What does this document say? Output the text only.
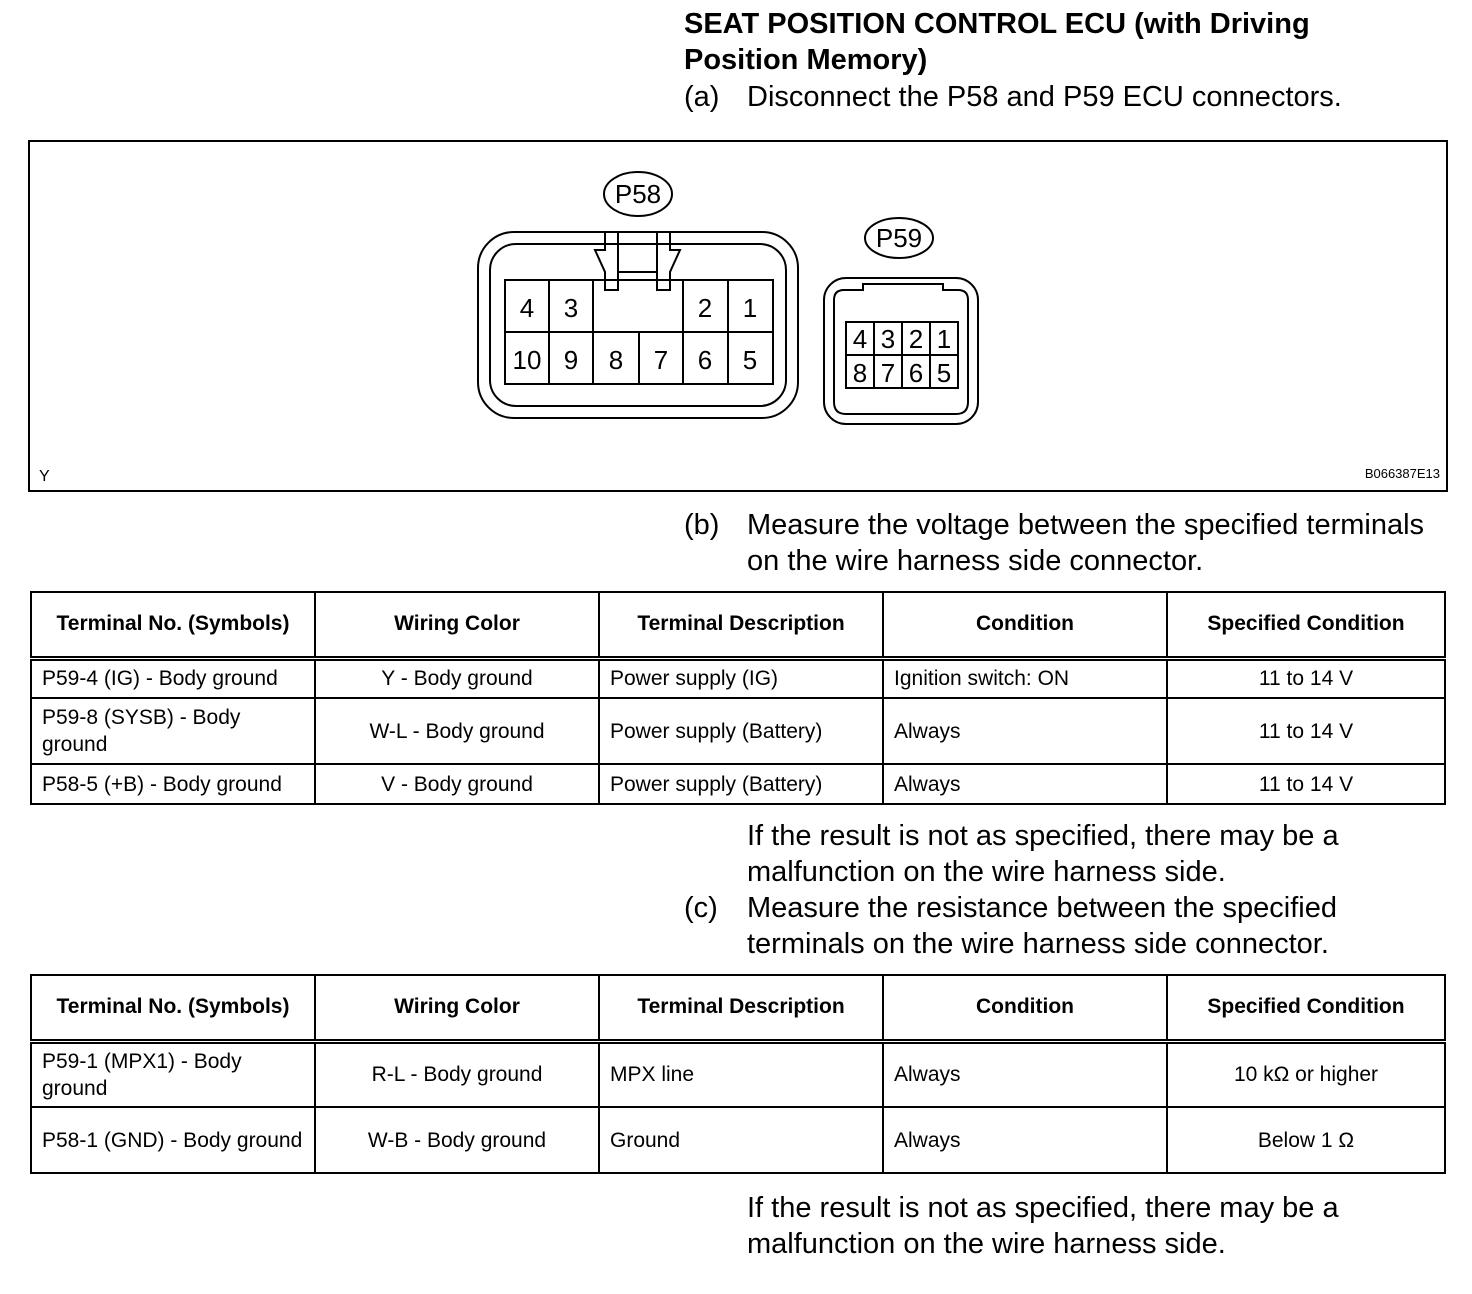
SEAT POSITION CONTROL ECU (with Driving Position Memory)
(a) Disconnect the P58 and P59 ECU connectors.
P58
P59
4 3	2 1
10 9 8 7 6 5
4 3 2 1
8 7 6 5
Y	B066387E13
(b) Measure the voltage between the specified terminals on the wire harness side connector.
Terminal No. (Symbols)	Wiring Color	Terminal Description	Condition	Specified Condition
P59-4 (IG) - Body ground	Y - Body ground	Power supply (IG)	Ignition switch: ON	11 to 14 V
P59-8 (SYSB) - Body ground	W-L - Body ground	Power supply (Battery)	Always	11 to 14 V
P58-5 (+B) - Body ground	V - Body ground	Power supply (Battery)	Always	11 to 14 V
If the result is not as specified, there may be a malfunction on the wire harness side.
(c) Measure the resistance between the specified terminals on the wire harness side connector.
Terminal No. (Symbols)	Wiring Color	Terminal Description	Condition	Specified Condition
P59-1 (MPX1) - Body ground	R-L - Body ground	MPX line	Always	10 kΩ or higher
P58-1 (GND) - Body ground	W-B - Body ground	Ground	Always	Below 1 Ω
If the result is not as specified, there may be a malfunction on the wire harness side.
